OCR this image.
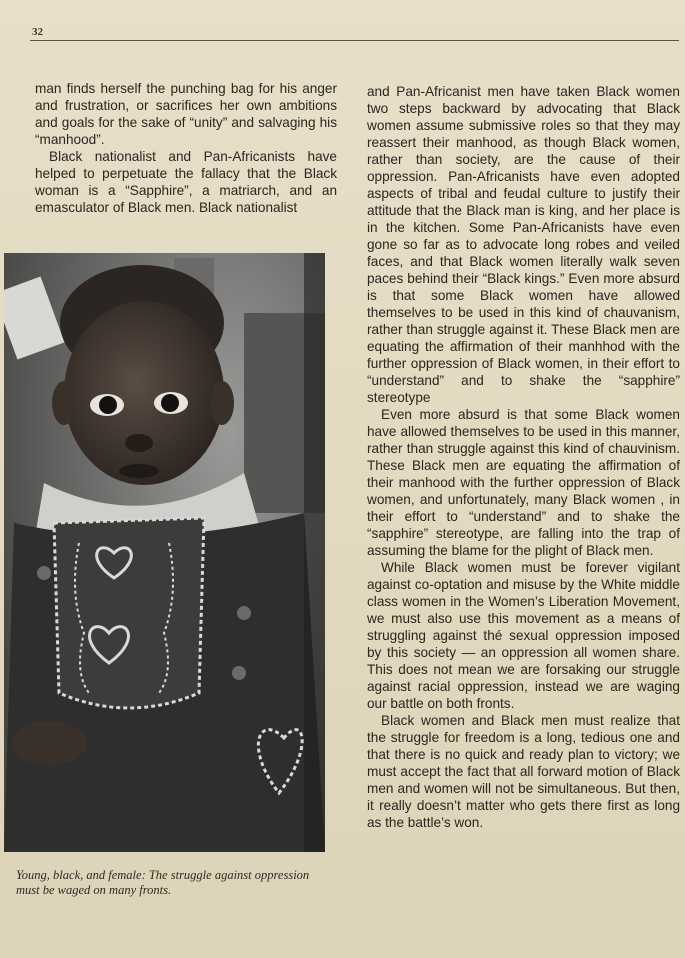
32

man finds herself the punching bag for his anger and frustration, or sacrifices her own ambitions and goals for the sake of “unity” and salvaging his “manhood”.

Black nationalist and Pan-Africanists have helped to perpetuate the fallacy that the Black woman is a “Sapphire”, a matriarch, and an emasculator of Black men. Black nationalist

Young, black, and female: The struggle against oppression must be waged on many fronts.

and Pan-Africanist men have taken Black women two steps backward by advocating that Black women assume submissive roles so that they may reassert their manhood, as though Black women, rather than society, are the cause of their oppression. Pan-Africanists have even adopted aspects of tribal and feudal culture to justify their attitude that the Black man is king, and her place is in the kitchen. Some Pan-Africanists have even gone so far as to advocate long robes and veiled faces, and that Black women literally walk seven paces behind their “Black kings.” Even more absurd is that some Black women have allowed themselves to be used in this kind of chauvanism, rather than struggle against it. These Black men are equating the affirmation of their manhhod with the further oppression of Black women, in their effort to “understand” and to shake the “sapphire” stereotype

Even more absurd is that some Black women have allowed themselves to be used in this manner, rather than struggle against this kind of chauvinism. These Black men are equating the affirmation of their manhood with the further oppression of Black women, and unfortunately, many Black women , in their effort to “understand” and to shake the “sapphire” stereotype, are falling into the trap of assuming the blame for the plight of Black men.

While Black women must be forever vigilant against co-optation and misuse by the White middle class women in the Women’s Liberation Movement, we must also use this movement as a means of struggling against thé sexual oppression imposed by this society — an oppression all women share. This does not mean we are forsaking our struggle against racial oppression, instead we are waging our battle on both fronts.

Black women and Black men must realize that the struggle for freedom is a long, tedious one and that there is no quick and ready plan to victory; we must accept the fact that all forward motion of Black men and women will not be simultaneous. But then, it really doesn’t matter who gets there first as long as the battle’s won.
